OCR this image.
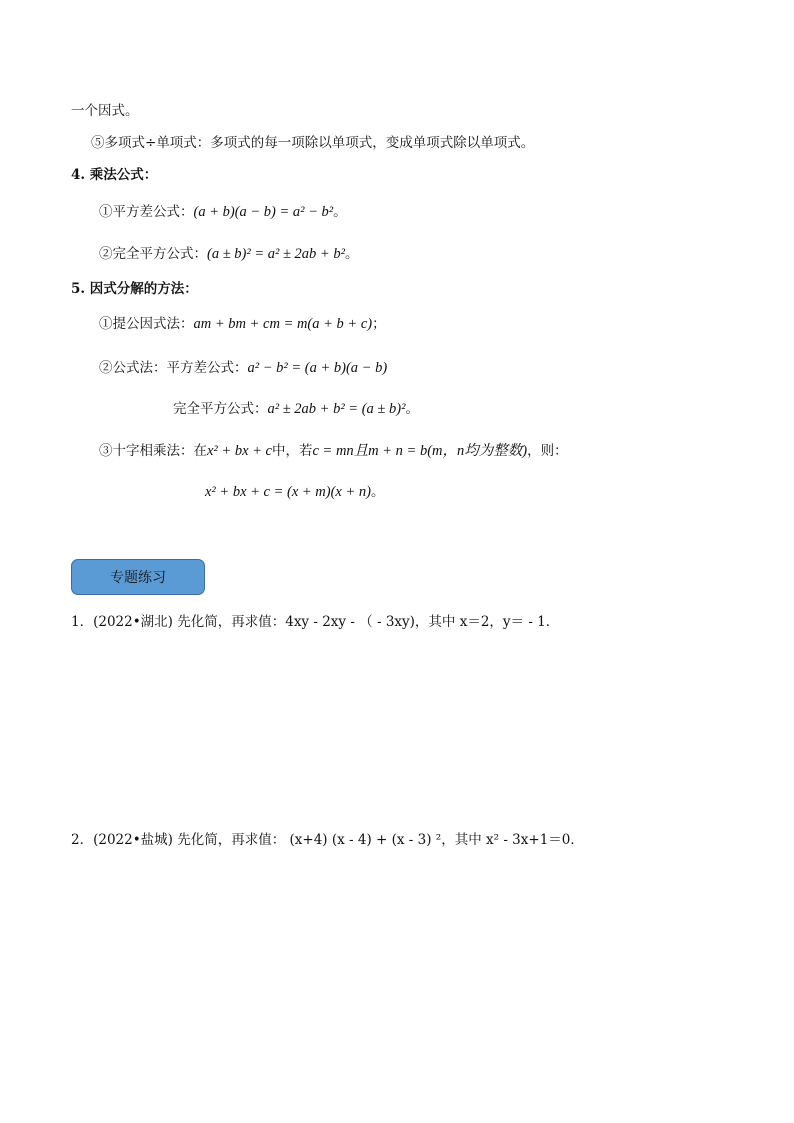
一个因式。
⑤多项式÷单项式：多项式的每一项除以单项式，变成单项式除以单项式。
4. 乘法公式：
①平方差公式：(a + b)(a − b) = a² − b²。
②完全平方公式：(a ± b)² = a² ± 2ab + b²。
5. 因式分解的方法：
①提公因式法：am + bm + cm = m(a + b + c)；
②公式法：平方差公式：a² − b² = (a + b)(a − b)
完全平方公式：a² ± 2ab + b² = (a ± b)²。
③十字相乘法：在x² + bx + c中，若c = mn且m + n = b(m，n均为整数)，则：
x² + bx + c = (x + m)(x + n)。
专题练习
1．(2022•湖北) 先化简，再求值：4xy - 2xy - （ - 3xy)，其中 x＝2，y＝ - 1．
2．(2022•盐城) 先化简，再求值： (x+4) (x - 4) + (x - 3) ²，其中 x² - 3x+1＝0．
